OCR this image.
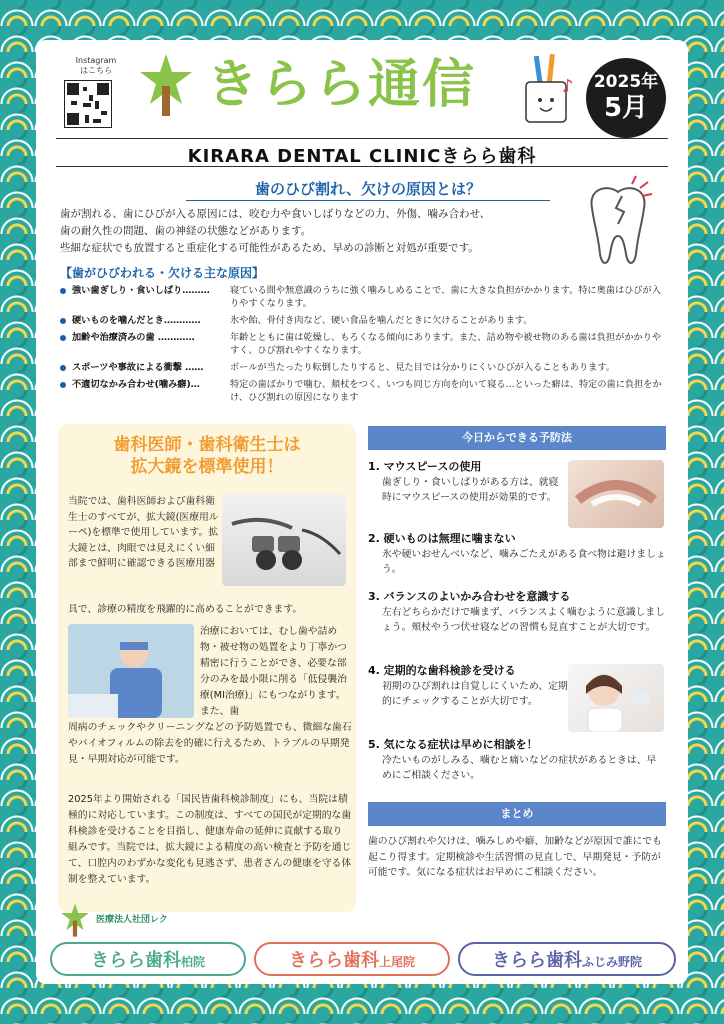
Instagram
はこちら	きらら通信	♪	2025年
5月
KIRARA DENTAL CLINICきらら歯科
歯のひび割れ、欠けの原因とは？
歯が割れる、歯にひびが入る原因には、咬む力や食いしばりなどの力、外傷、噛み合わせ、
歯の耐久性の問題、歯の神経の状態などがあります。
些細な症状でも放置すると重症化する可能性があるため、早めの診断と対処が重要です。
【歯がひびわれる・欠ける主な原因】
強い歯ぎしり・食いしばり……… 寝ている間や無意識のうちに強く噛みしめることで、歯に大きな負担がかかります。特に奥歯はひびが入りやすくなります。
硬いものを噛んだとき…………	氷や飴、骨付き肉など、硬い食品を噛んだときに欠けることがあります。
加齢や治療済みの歯 …………	年齢とともに歯は乾燥し、もろくなる傾向にあります。また、詰め物や被せ物のある歯は負担がかかりやすく、ひび割れやすくなります。
スポーツや事故による衝撃 ……	ボールが当たったり転倒したりすると、見た目では分かりにくいひびが入ることもあります。
不適切なかみ合わせ(噛み癖)…	特定の歯ばかりで噛む、頬杖をつく、いつも同じ方向を向いて寝る…といった癖は、特定の歯に負担をかけ、ひび割れの原因になります
歯科医師・歯科衛生士は
拡大鏡を標準使用！
当院では、歯科医師および歯科衛生士のすべてが、拡大鏡(医療用ルーペ)を標準で使用しています。拡大鏡とは、肉眼では見えにくい細部まで鮮明に確認できる医療用器
具で、診療の精度を飛躍的に高めることができます。
治療においては、むし歯や詰め物・被せ物の処置をより丁寧かつ精密に行うことができ、必要な部分のみを最小限に削る「低侵襲治療(MI治療)」にもつながります。また、歯
周病のチェックやクリーニングなどの予防処置でも、微細な歯石やバイオフィルムの除去を的確に行えるため、トラブルの早期発見・早期対応が可能です。
2025年より開始される「国民皆歯科検診制度」にも、当院は積極的に対応しています。この制度は、すべての国民が定期的な歯科検診を受けることを目指し、健康寿命の延伸に貢献する取り組みです。当院では、拡大鏡による精度の高い検査と予防を通じて、口腔内のわずかな変化も見逃さず、患者さんの健康を守る体制を整えています。
今日からできる予防法
1. マウスピースの使用
歯ぎしり・食いしばりがある方は、就寝時にマウスピースの使用が効果的です。
2. 硬いものは無理に噛まない
氷や硬いおせんべいなど、噛みごたえがある食べ物は避けましょう。
3. バランスのよいかみ合わせを意識する
左右どちらかだけで噛まず、バランスよく噛むように意識しましょう。頬杖やうつ伏せ寝などの習慣も見直すことが大切です。
4. 定期的な歯科検診を受ける
初期のひび割れは自覚しにくいため、定期的にチェックすることが大切です。
5. 気になる症状は早めに相談を！
冷たいものがしみる、噛むと痛いなどの症状があるときは、早めにご相談ください。
まとめ
歯のひび割れや欠けは、噛みしめや癖、加齢などが原因で誰にでも起こり得ます。定期検診や生活習慣の見直しで、早期発見・予防が可能です。気になる症状はお早めにご相談ください。
医療法人社団レク
きらら歯科柏院	きらら歯科上尾院	きらら歯科ふじみ野院
